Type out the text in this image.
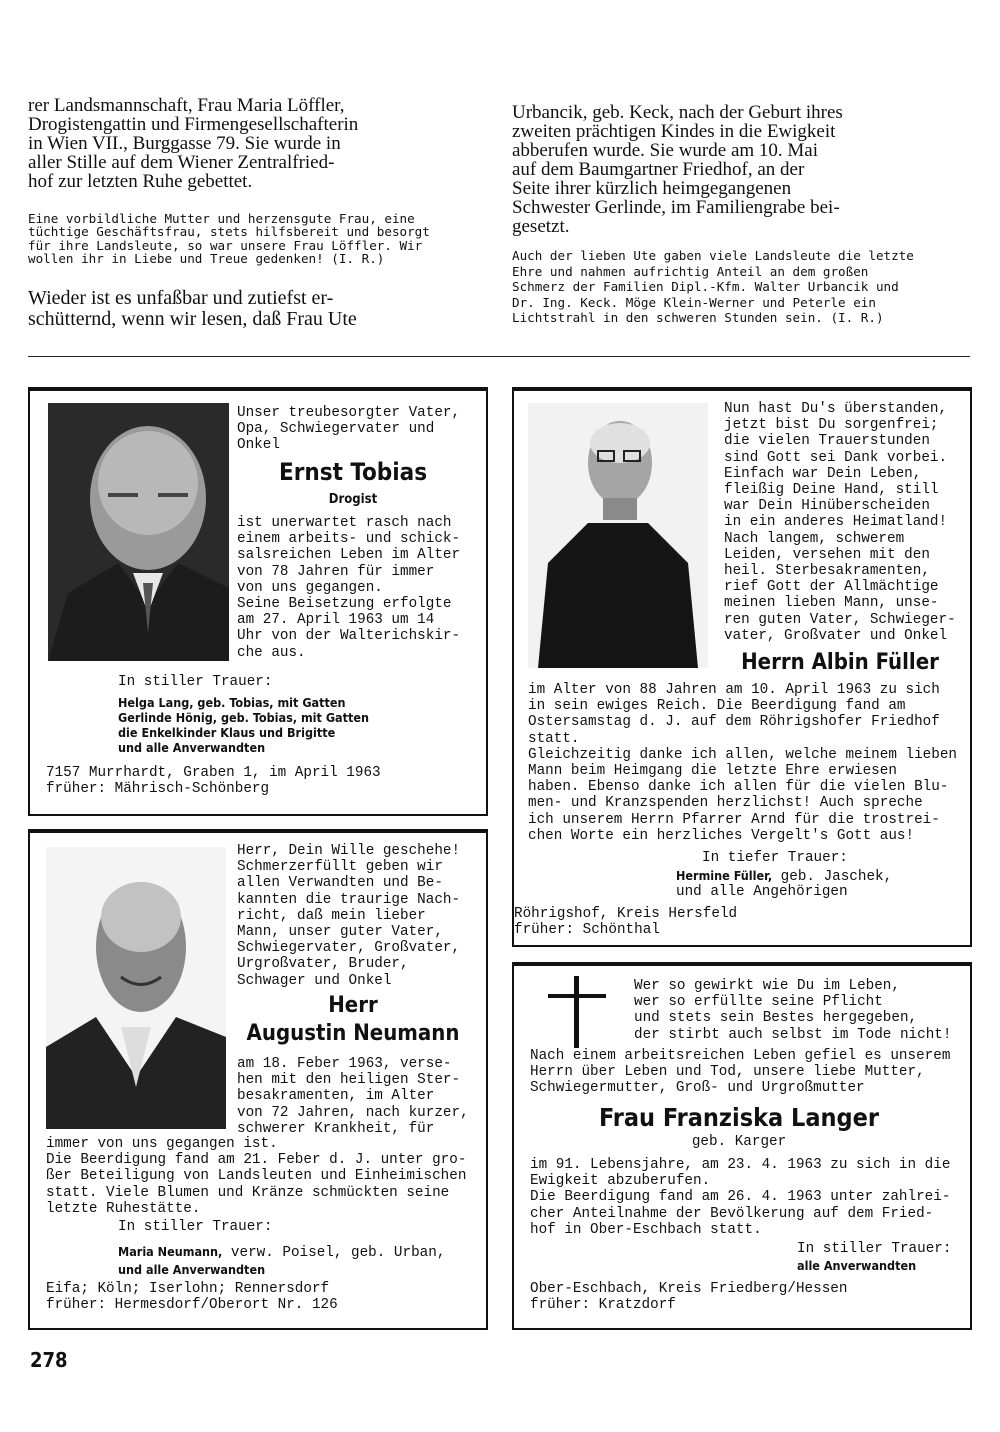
rer Landsmannschaft, Frau Maria Löffler,
Drogistengattin und Firmengesellschafterin
in Wien VII., Burggasse 79. Sie wurde in
aller Stille auf dem Wiener Zentralfried-
hof zur letzten Ruhe gebettet.
Eine vorbildliche Mutter und herzensgute Frau, eine
tüchtige Geschäftsfrau, stets hilfsbereit und besorgt
für ihre Landsleute, so war unsere Frau Löffler. Wir
wollen ihr in Liebe und Treue gedenken! (I. R.)
Wieder ist es unfaßbar und zutiefst er-
schütternd, wenn wir lesen, daß Frau Ute
Urbancik, geb. Keck, nach der Geburt ihres
zweiten prächtigen Kindes in die Ewigkeit
abberufen wurde. Sie wurde am 10. Mai
auf dem Baumgartner Friedhof, an der
Seite ihrer kürzlich heimgegangenen
Schwester Gerlinde, im Familiengrabe bei-
gesetzt.
Auch der lieben Ute gaben viele Landsleute die letzte
Ehre und nahmen aufrichtig Anteil an dem großen
Schmerz der Familien Dipl.-Kfm. Walter Urbancik und
Dr. Ing. Keck. Möge Klein-Werner und Peterle ein
Lichtstrahl in den schweren Stunden sein. (I. R.)
Unser treubesorgter Vater,
Opa, Schwiegervater und
Onkel
Ernst Tobias
Drogist
ist unerwartet rasch nach
einem arbeits- und schick-
salsreichen Leben im Alter
von 78 Jahren für immer
von uns gegangen.
Seine Beisetzung erfolgte
am 27. April 1963 um 14
Uhr von der Walterichskir-
che aus.
In stiller Trauer:
Helga Lang, geb. Tobias, mit Gatten
Gerlinde Hönig, geb. Tobias, mit Gatten
die Enkelkinder Klaus und Brigitte
und alle Anverwandten
7157 Murrhardt, Graben 1, im April 1963
früher: Mährisch-Schönberg
Nun hast Du's überstanden,
jetzt bist Du sorgenfrei;
die vielen Trauerstunden
sind Gott sei Dank vorbei.
Einfach war Dein Leben,
fleißig Deine Hand, still
war Dein Hinüberscheiden
in ein anderes Heimatland!
Nach langem, schwerem
Leiden, versehen mit den
heil. Sterbesakramenten,
rief Gott der Allmächtige
meinen lieben Mann, unse-
ren guten Vater, Schwieger-
vater, Großvater und Onkel
Herrn Albin Füller
im Alter von 88 Jahren am 10. April 1963 zu sich
in sein ewiges Reich. Die Beerdigung fand am
Ostersamstag d. J. auf dem Röhrigshofer Friedhof
statt.
Gleichzeitig danke ich allen, welche meinem lieben
Mann beim Heimgang die letzte Ehre erwiesen
haben. Ebenso danke ich allen für die vielen Blu-
men- und Kranzspenden herzlichst! Auch spreche
ich unserem Herrn Pfarrer Arnd für die trostrei-
chen Worte ein herzliches Vergelt's Gott aus!
In tiefer Trauer:
Hermine Füller, geb. Jaschek,
und alle Angehörigen
Röhrigshof, Kreis Hersfeld
früher: Schönthal
Herr, Dein Wille geschehe!
Schmerzerfüllt geben wir
allen Verwandten und Be-
kannten die traurige Nach-
richt, daß mein lieber
Mann, unser guter Vater,
Schwiegervater, Großvater,
Urgroßvater, Bruder,
Schwager und Onkel
Herr
Augustin Neumann
am 18. Feber 1963, verse-
hen mit den heiligen Ster-
besakramenten, im Alter
von 72 Jahren, nach kurzer,
schwerer Krankheit, für
immer von uns gegangen ist.
Die Beerdigung fand am 21. Feber d. J. unter gro-
ßer Beteiligung von Landsleuten und Einheimischen
statt. Viele Blumen und Kränze schmückten seine
letzte Ruhestätte.
In stiller Trauer:
Maria Neumann, verw. Poisel, geb. Urban,
und alle Anverwandten
Eifa; Köln; Iserlohn; Rennersdorf
früher: Hermesdorf/Oberort Nr. 126
Wer so gewirkt wie Du im Leben,
wer so erfüllte seine Pflicht
und stets sein Bestes hergegeben,
der stirbt auch selbst im Tode nicht!
Nach einem arbeitsreichen Leben gefiel es unserem
Herrn über Leben und Tod, unsere liebe Mutter,
Schwiegermutter, Groß- und Urgroßmutter
Frau Franziska Langer
geb. Karger
im 91. Lebensjahre, am 23. 4. 1963 zu sich in die
Ewigkeit abzuberufen.
Die Beerdigung fand am 26. 4. 1963 unter zahlrei-
cher Anteilnahme der Bevölkerung auf dem Fried-
hof in Ober-Eschbach statt.
In stiller Trauer:
alle Anverwandten
Ober-Eschbach, Kreis Friedberg/Hessen
früher: Kratzdorf
278
